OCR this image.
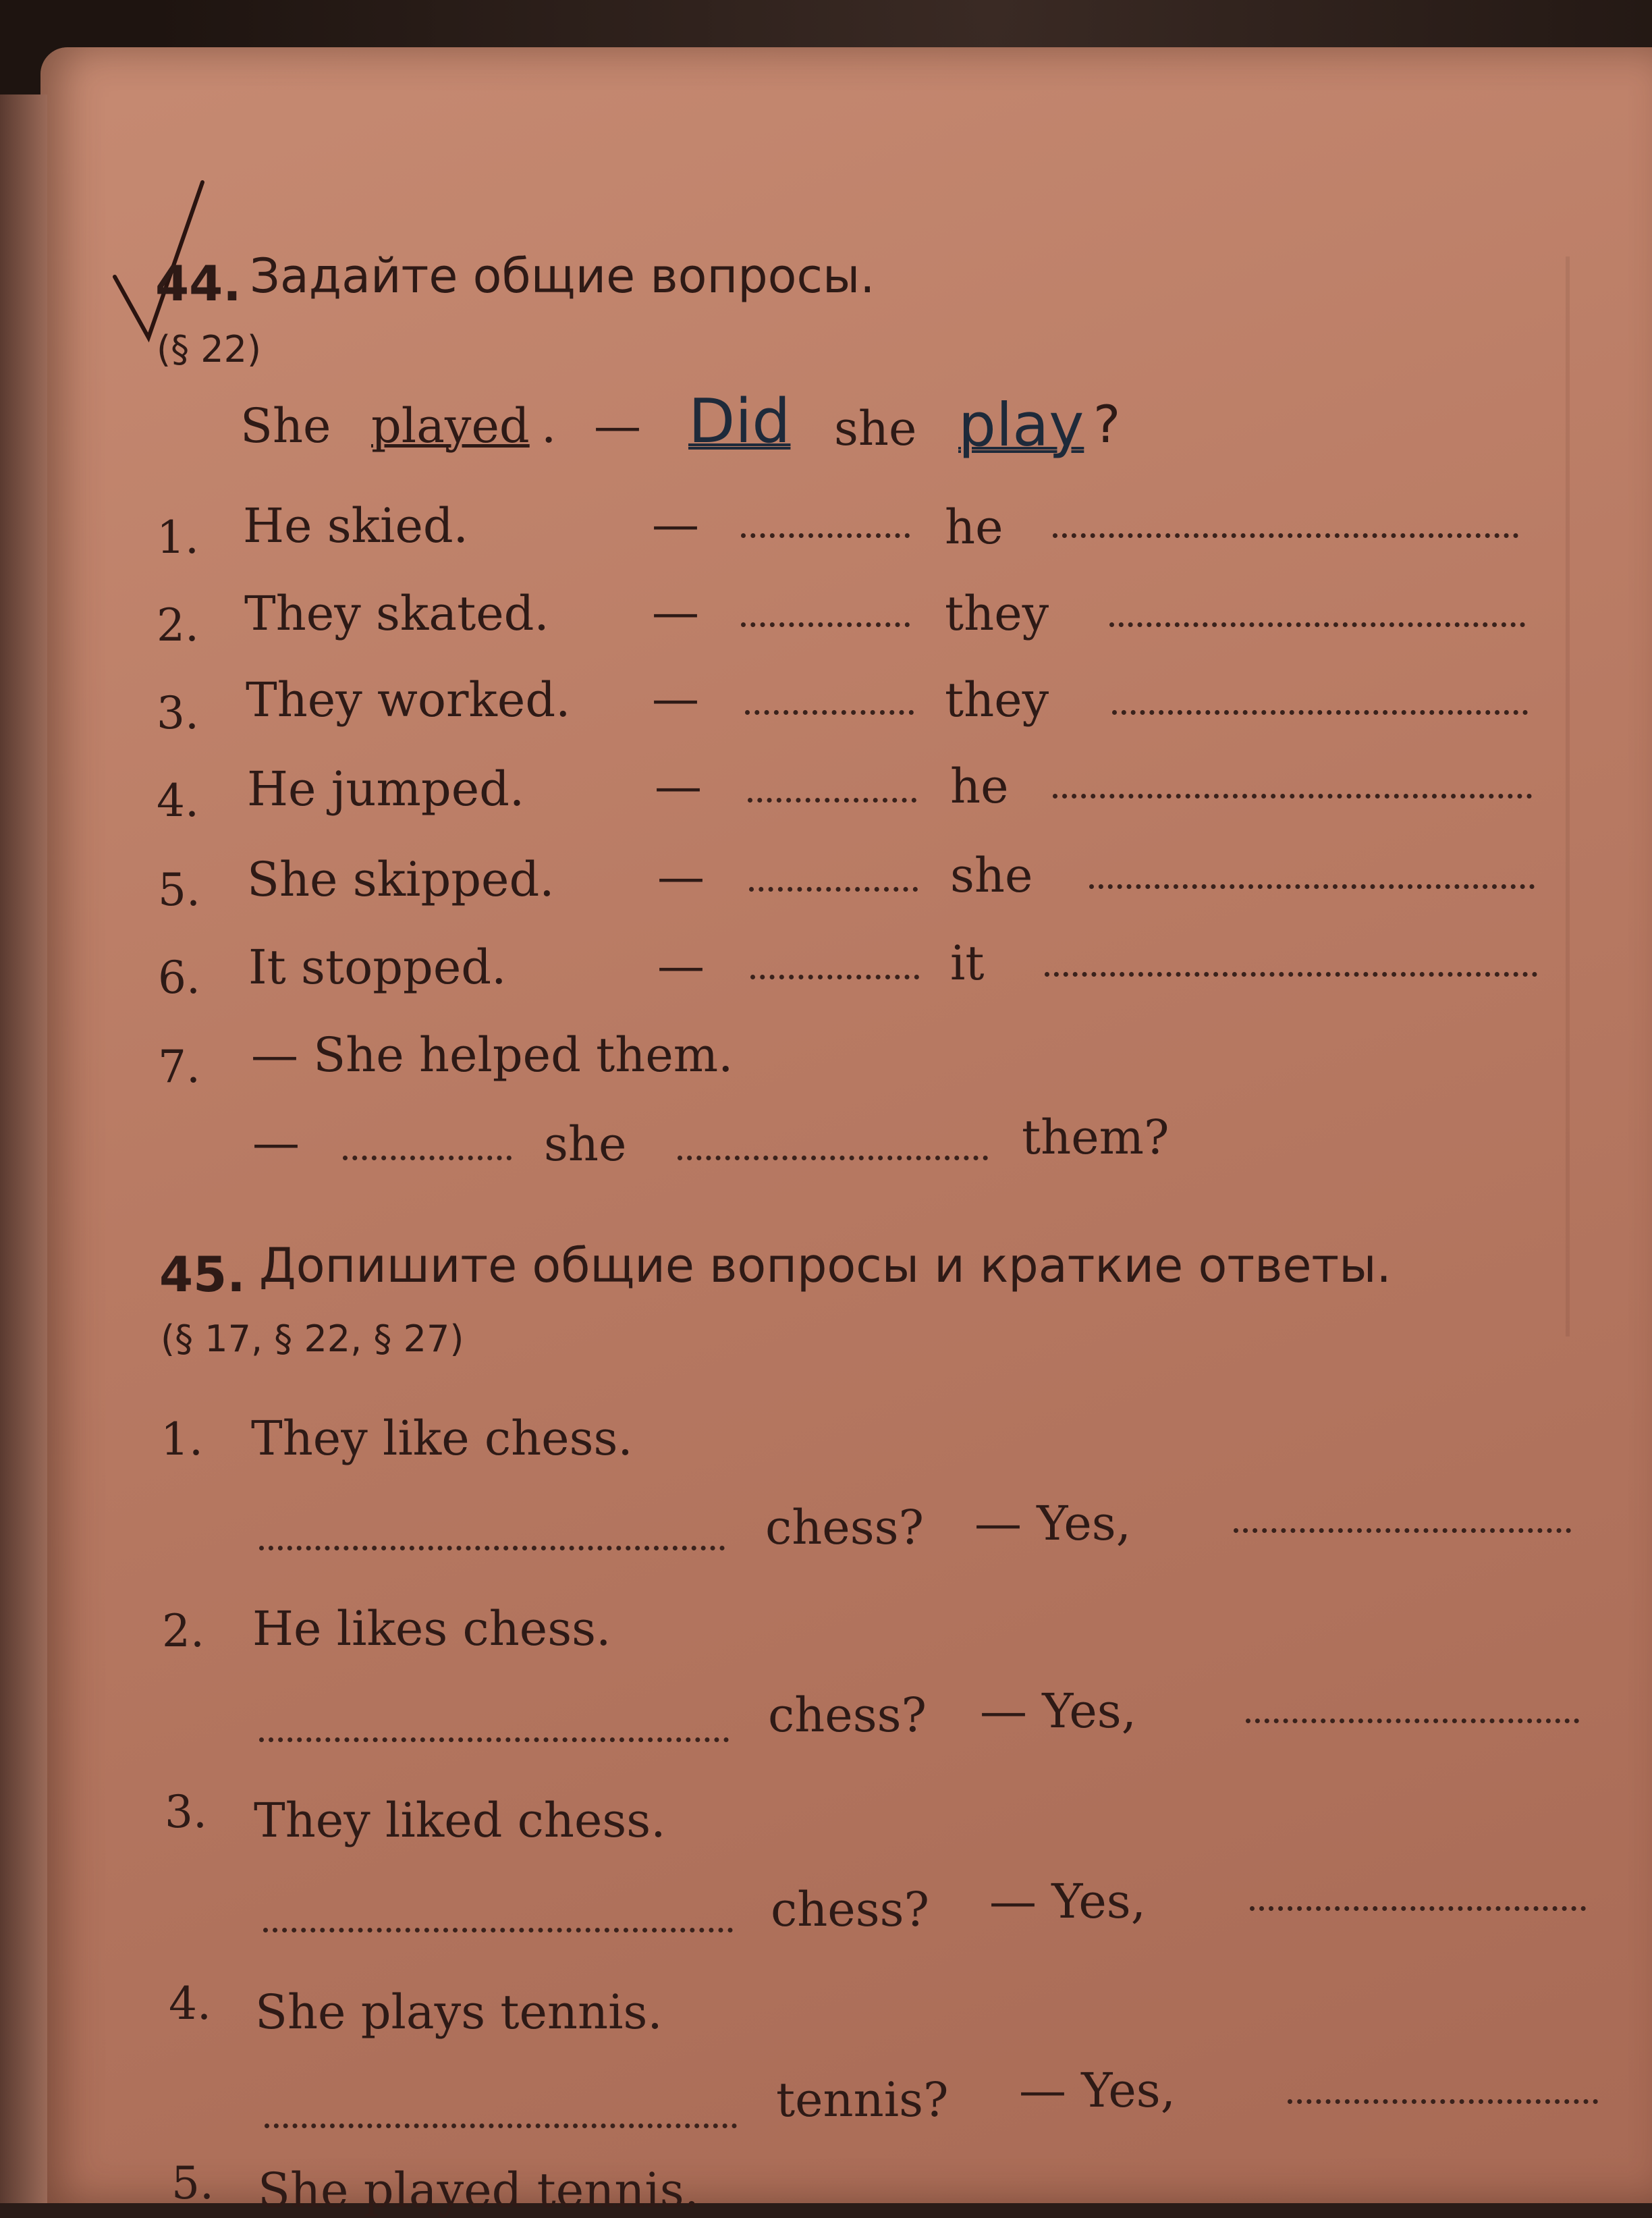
44. Задайте общие вопросы.
(§ 22)
She played . — Did she play ?
1. He skied.	—	he
2. They skated. —	they
3. They worked. —	they
4. He jumped.	—	he
5. She skipped. —	she
6. It stopped.	—	it
7. — She helped them.
—	she	them?
45. Допишите общие вопросы и краткие ответы.
(§ 17, § 22, § 27)
1. They like chess.
chess? — Yes,
2. He likes chess.
chess? — Yes,
3. They liked chess.
chess? — Yes,
4. She plays tennis.
tennis? — Yes,
5. She played tennis.
